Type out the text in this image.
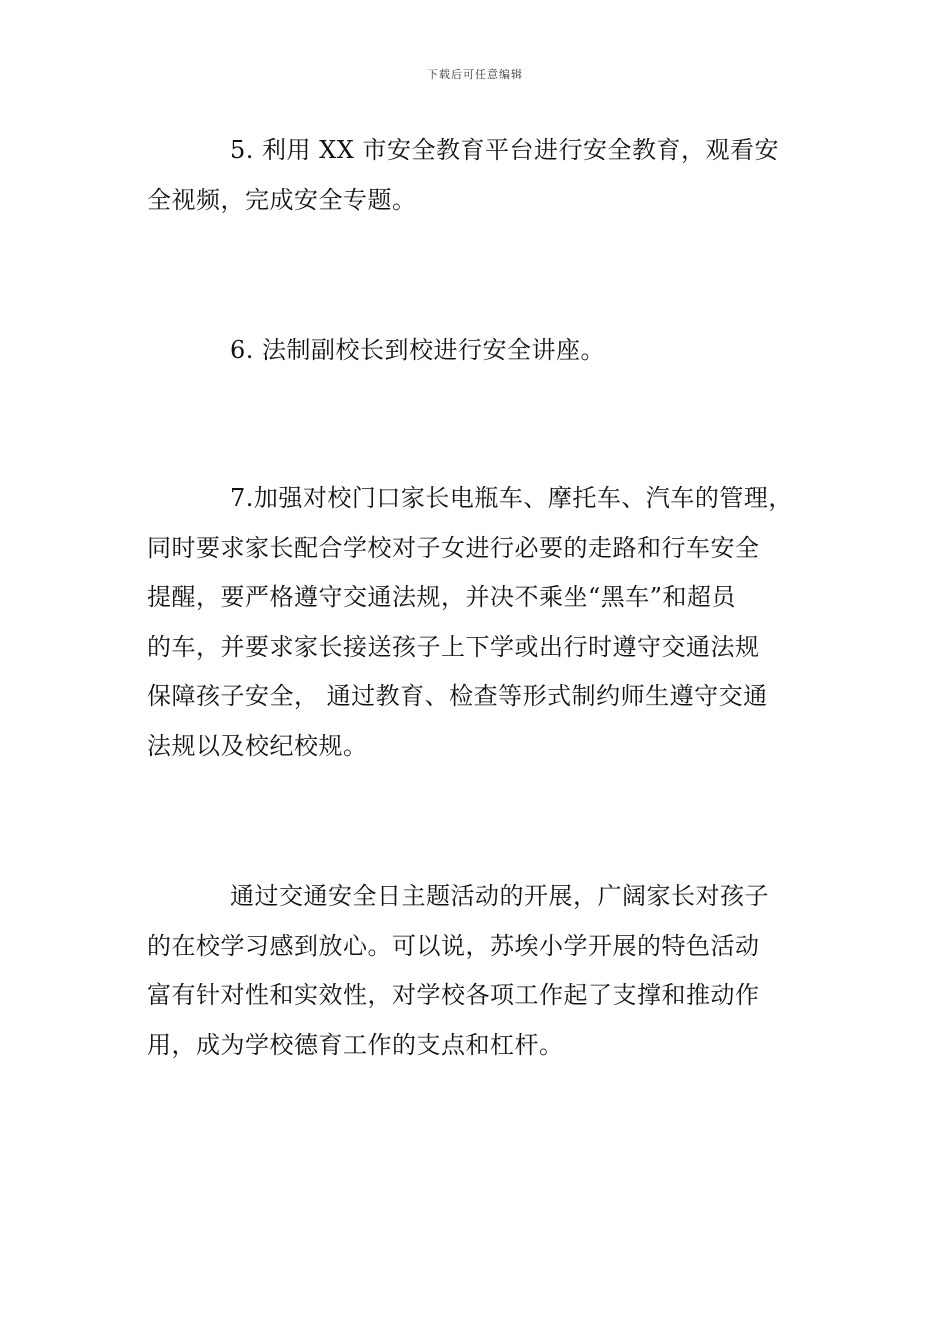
下载后可任意编辑
5. 利用 XX 市安全教育平台进行安全教育，观看安
全视频，完成安全专题。
6. 法制副校长到校进行安全讲座。
7.加强对校门口家长电瓶车、摩托车、汽车的管理，
同时要求家长配合学校对子女进行必要的走路和行车安全
提醒，要严格遵守交通法规，并决不乘坐“黑车”和超员
的车，并要求家长接送孩子上下学或出行时遵守交通法规
保障孩子安全， 通过教育、检查等形式制约师生遵守交通
法规以及校纪校规。
通过交通安全日主题活动的开展，广阔家长对孩子
的在校学习感到放心。可以说，苏埃小学开展的特色活动
富有针对性和实效性，对学校各项工作起了支撑和推动作
用，成为学校德育工作的支点和杠杆。
